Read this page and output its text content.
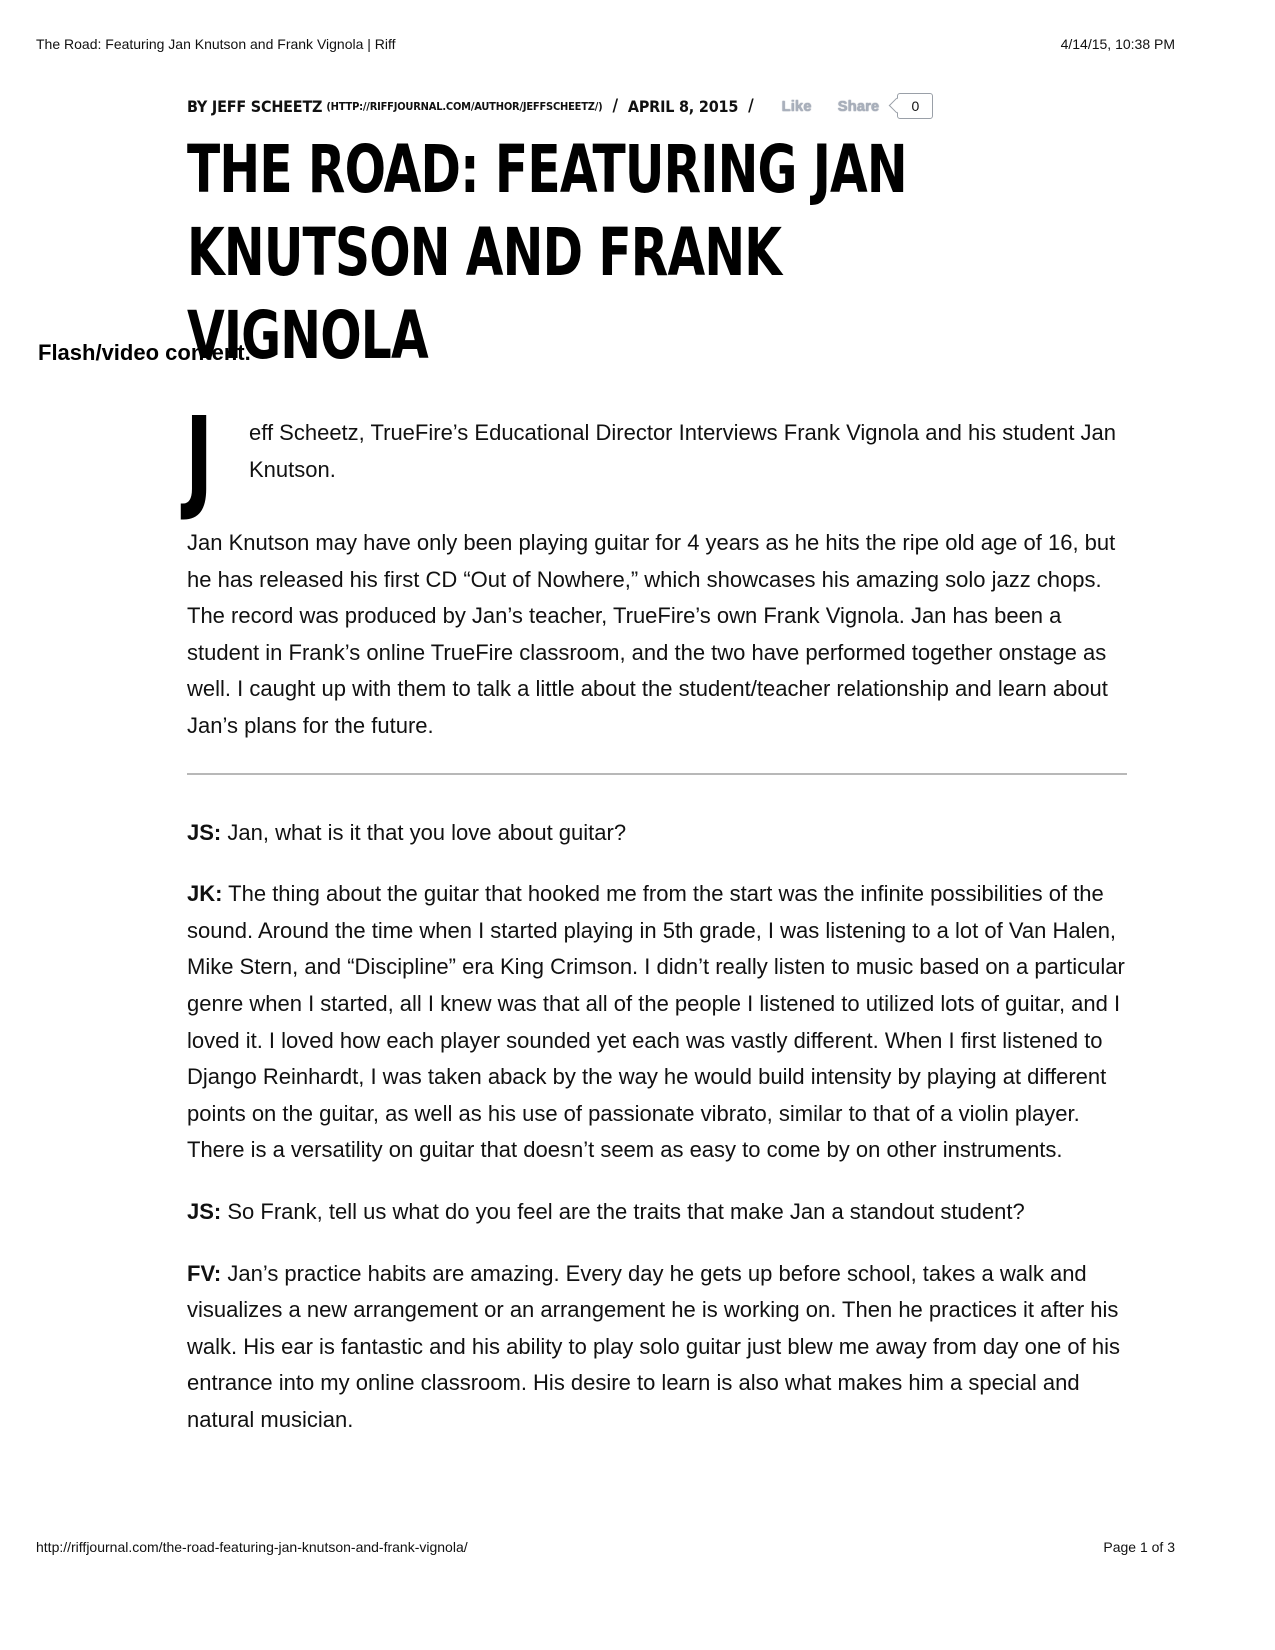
The Road: Featuring Jan Knutson and Frank Vignola | Riff	4/14/15, 10:38 PM
BY JEFF SCHEETZ (HTTP://RIFFJOURNAL.COM/AUTHOR/JEFFSCHEETZ/) / APRIL 8, 2015 / Like Share	0
THE ROAD: FEATURING JAN
KNUTSON AND FRANK VIGNOLA
Flash/video content.
J eff Scheetz, TrueFire’s Educational Director Interviews Frank Vignola and his student Jan Knutson.

Jan Knutson may have only been playing guitar for 4 years as he hits the ripe old age of 16, but he has released his first CD “Out of Nowhere,” which showcases his amazing solo jazz chops. The record was produced by Jan’s teacher, TrueFire’s own Frank Vignola. Jan has been a student in Frank’s online TrueFire classroom, and the two have performed together onstage as well. I caught up with them to talk a little about the student/teacher relationship and learn about Jan’s plans for the future.

JS: Jan, what is it that you love about guitar?

JK: The thing about the guitar that hooked me from the start was the infinite possibilities of the sound. Around the time when I started playing in 5th grade, I was listening to a lot of Van Halen, Mike Stern, and “Discipline” era King Crimson. I didn’t really listen to music based on a particular genre when I started, all I knew was that all of the people I listened to utilized lots of guitar, and I loved it. I loved how each player sounded yet each was vastly different. When I first listened to Django Reinhardt, I was taken aback by the way he would build intensity by playing at different points on the guitar, as well as his use of passionate vibrato, similar to that of a violin player. There is a versatility on guitar that doesn’t seem as easy to come by on other instruments.

JS: So Frank, tell us what do you feel are the traits that make Jan a standout student?

FV: Jan’s practice habits are amazing. Every day he gets up before school, takes a walk and visualizes a new arrangement or an arrangement he is working on. Then he practices it after his walk. His ear is fantastic and his ability to play solo guitar just blew me away from day one of his entrance into my online classroom. His desire to learn is also what makes him a special and natural musician.

http://riffjournal.com/the-road-featuring-jan-knutson-and-frank-vignola/	Page 1 of 3
